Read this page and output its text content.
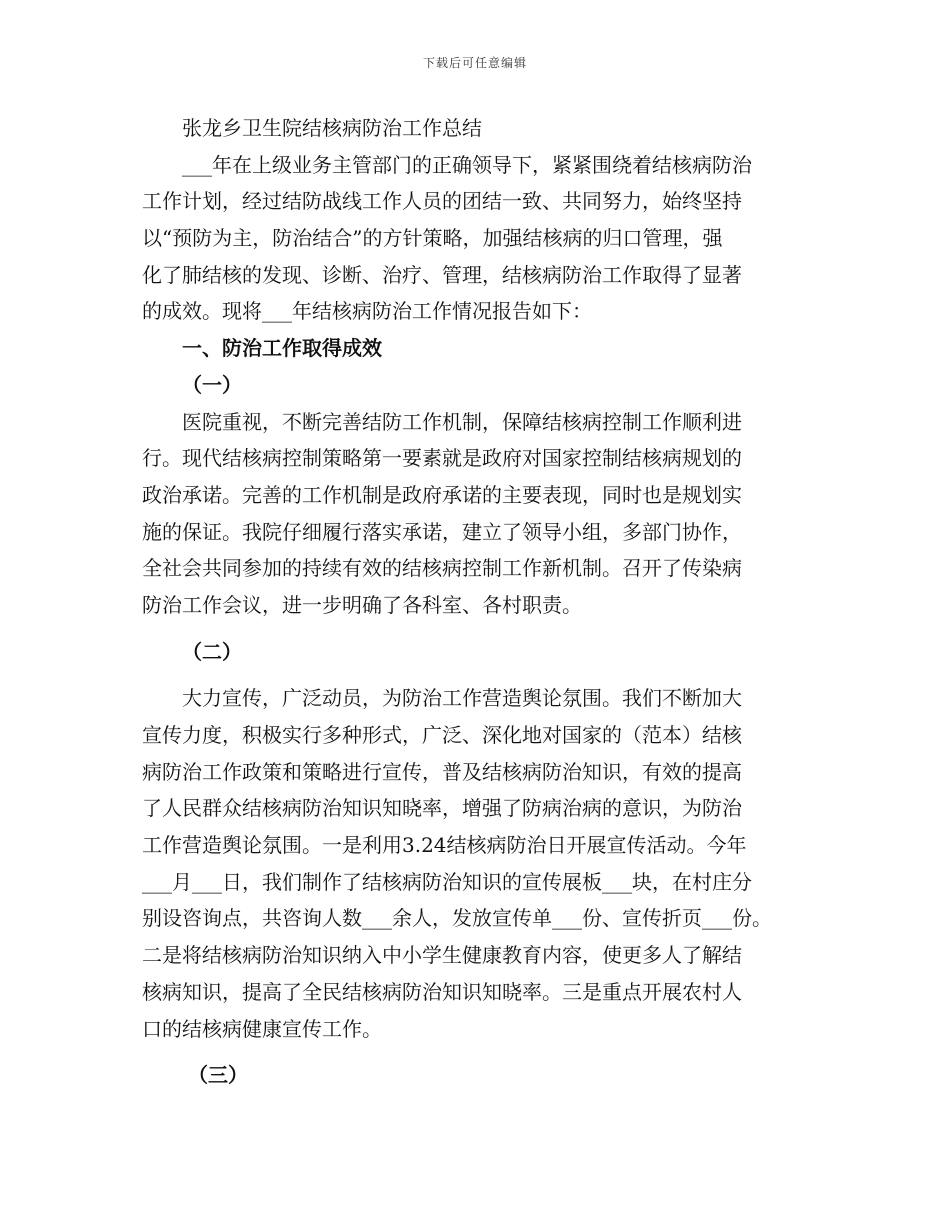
下载后可任意编辑

张龙乡卫生院结核病防治工作总结

___年在上级业务主管部门的正确领导下，紧紧围绕着结核病防治

工作计划，经过结防战线工作人员的团结一致、共同努力，始终坚持

以“预防为主，防治结合”的方针策略，加强结核病的归口管理，强

化了肺结核的发现、诊断、治疗、管理，结核病防治工作取得了显著

的成效。现将___年结核病防治工作情况报告如下：

一、防治工作取得成效

（一）

医院重视，不断完善结防工作机制，保障结核病控制工作顺利进

行。现代结核病控制策略第一要素就是政府对国家控制结核病规划的

政治承诺。完善的工作机制是政府承诺的主要表现，同时也是规划实

施的保证。我院仔细履行落实承诺，建立了领导小组，多部门协作，

全社会共同参加的持续有效的结核病控制工作新机制。召开了传染病

防治工作会议，进一步明确了各科室、各村职责。

（二）

大力宣传，广泛动员，为防治工作营造舆论氛围。我们不断加大

宣传力度，积极实行多种形式，广泛、深化地对国家的（范本）结核

病防治工作政策和策略进行宣传，普及结核病防治知识，有效的提高

了人民群众结核病防治知识知晓率，增强了防病治病的意识，为防治

工作营造舆论氛围。一是利用3.24结核病防治日开展宣传活动。今年

___月___日，我们制作了结核病防治知识的宣传展板___块，在村庄分

别设咨询点，共咨询人数___余人，发放宣传单___份、宣传折页___份。

二是将结核病防治知识纳入中小学生健康教育内容，使更多人了解结

核病知识，提高了全民结核病防治知识知晓率。三是重点开展农村人

口的结核病健康宣传工作。

（三）
